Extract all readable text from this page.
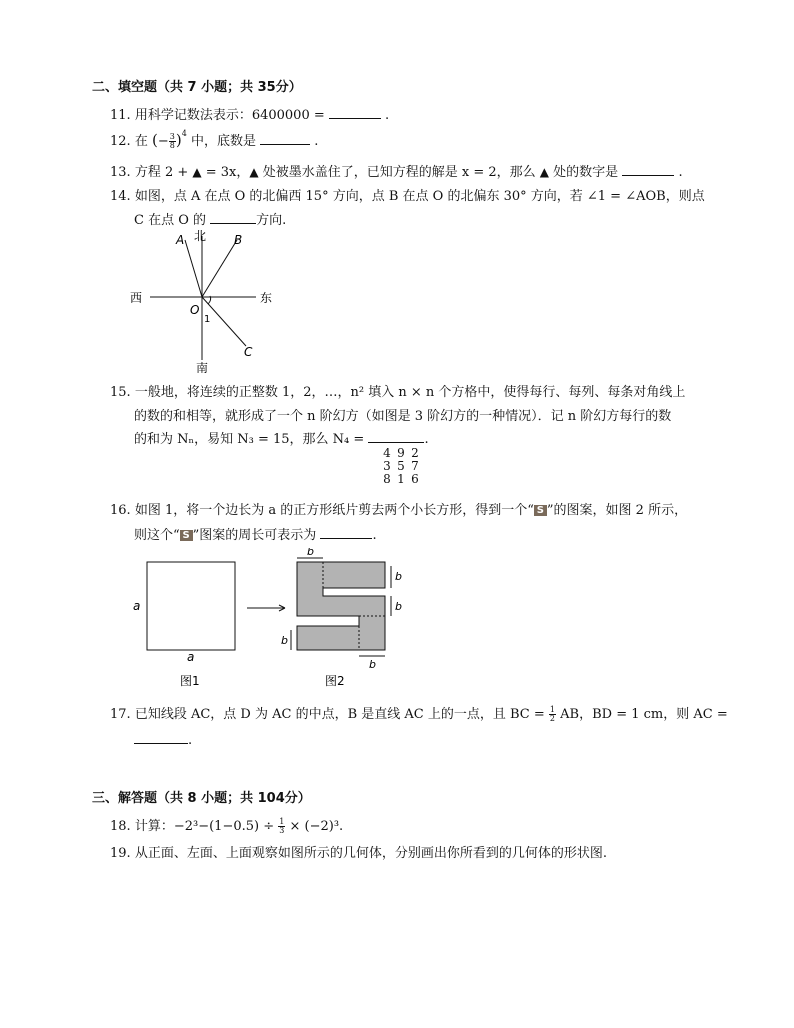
二、填空题（共 7 小题；共 35分）
11. 用科学记数法表示：6400000 =	.
12. 在 (− $\frac{3}{8} )^4$ 中，底数是	.
13. 方程 2 + ▲ = 3x，▲ 处被墨水盖住了，已知方程的解是 x = 2，那么 ▲ 处的数字是	.
14. 如图，点 A 在点 O 的北偏西 15° 方向，点 B 在点 O 的北偏东 30° 方向，若 ∠1 = ∠AOB，则点
C 在点 O 的	方向.
北
南
西	东
A	B
C
O
1
15. 一般地，将连续的正整数 1，2，…，n² 填入 n × n 个方格中，使得每行、每列、每条对角线上
的数的和相等，就形成了一个 n 阶幻方（如图是 3 阶幻方的一种情况）．记 n 阶幻方每行的数
的和为 Nₙ，易知 N₃ = 15，那么 N₄ =	.
4 9 2
3 5 7
8 1 6
16. 如图 1，将一个边长为 a 的正方形纸片剪去两个小长方形，得到一个“ S ”的图案，如图 2 所示，
则这个“ S ”图案的周长可表示为	.
a
a
b
b
b
b
b
图1	图2
17. 已知线段 AC，点 D 为 AC 的中点，B 是直线 AC 上的一点，且 BC = $\frac{1}{2}$ AB，BD = 1 cm，则 AC =
.
三、解答题（共 8 小题；共 104分）
18. 计算：$-2^3-(1-0.5) \div \frac{1}{3} \times (-2)^3$.
19. 从正面、左面、上面观察如图所示的几何体，分别画出你所看到的几何体的形状图.
